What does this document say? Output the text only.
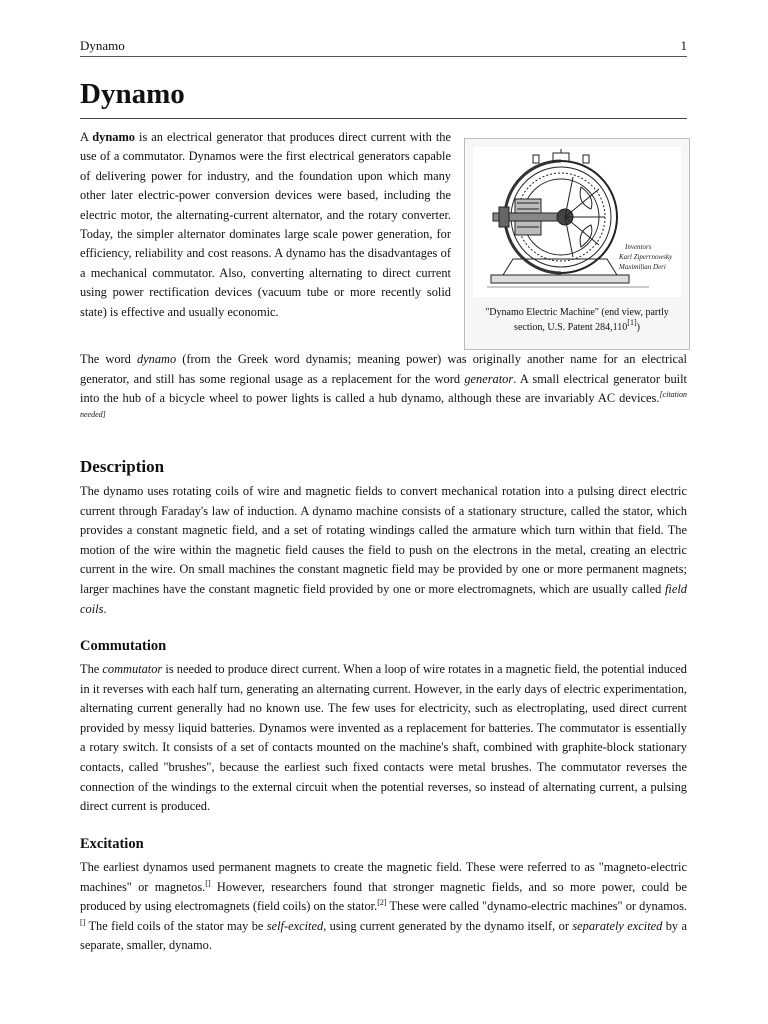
Dynamo	1
Dynamo

A dynamo is an electrical generator that produces direct current with the use of a commutator. Dynamos were the first electrical generators capable of delivering power for industry, and the foundation upon which many other later electric-power conversion devices were based, including the electric motor, the alternating-current alternator, and the rotary converter. Today, the simpler alternator dominates large scale power generation, for efficiency, reliability and cost reasons. A dynamo has the disadvantages of a mechanical commutator. Also, converting alternating to direct current using power rectification devices (vacuum tube or more recently solid state) is effective and usually economic.

Inventors
Karl Ziperrnowsky
Maximilian Deri
"Dynamo Electric Machine" (end view, partly section, U.S. Patent 284,110[1])

The word dynamo (from the Greek word dynamis; meaning power) was originally another name for an electrical generator, and still has some regional usage as a replacement for the word generator. A small electrical generator built into the hub of a bicycle wheel to power lights is called a hub dynamo, although these are invariably AC devices.[citation needed]

Description

The dynamo uses rotating coils of wire and magnetic fields to convert mechanical rotation into a pulsing direct electric current through Faraday's law of induction. A dynamo machine consists of a stationary structure, called the stator, which provides a constant magnetic field, and a set of rotating windings called the armature which turn within that field. The motion of the wire within the magnetic field causes the field to push on the electrons in the metal, creating an electric current in the wire. On small machines the constant magnetic field may be provided by one or more permanent magnets; larger machines have the constant magnetic field provided by one or more electromagnets, which are usually called field coils.

Commutation

The commutator is needed to produce direct current. When a loop of wire rotates in a magnetic field, the potential induced in it reverses with each half turn, generating an alternating current. However, in the early days of electric experimentation, alternating current generally had no known use. The few uses for electricity, such as electroplating, used direct current provided by messy liquid batteries. Dynamos were invented as a replacement for batteries. The commutator is essentially a rotary switch. It consists of a set of contacts mounted on the machine's shaft, combined with graphite-block stationary contacts, called "brushes", because the earliest such fixed contacts were metal brushes. The commutator reverses the connection of the windings to the external circuit when the potential reverses, so instead of alternating current, a pulsing direct current is produced.

Excitation

The earliest dynamos used permanent magnets to create the magnetic field. These were referred to as "magneto-electric machines" or magnetos.[] However, researchers found that stronger magnetic fields, and so more power, could be produced by using electromagnets (field coils) on the stator.[2] These were called "dynamo-electric machines" or dynamos.[] The field coils of the stator may be self-excited, using current generated by the dynamo itself, or separately excited by a separate, smaller, dynamo.
